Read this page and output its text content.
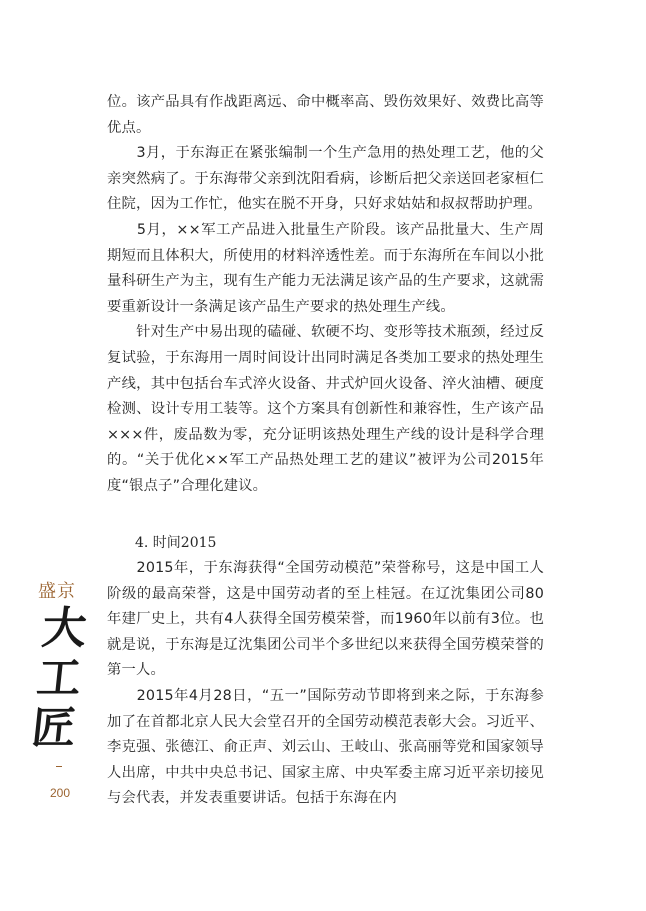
位。该产品具有作战距离远、命中概率高、毁伤效果好、效费比高等优点。

　　3月，于东海正在紧张编制一个生产急用的热处理工艺，他的父亲突然病了。于东海带父亲到沈阳看病，诊断后把父亲送回老家桓仁住院，因为工作忙，他实在脱不开身，只好求姑姑和叔叔帮助护理。

　　5月，××军工产品进入批量生产阶段。该产品批量大、生产周期短而且体积大，所使用的材料淬透性差。而于东海所在车间以小批量科研生产为主，现有生产能力无法满足该产品的生产要求，这就需要重新设计一条满足该产品生产要求的热处理生产线。

　　针对生产中易出现的磕碰、软硬不均、变形等技术瓶颈，经过反复试验，于东海用一周时间设计出同时满足各类加工要求的热处理生产线，其中包括台车式淬火设备、井式炉回火设备、淬火油槽、硬度检测、设计专用工装等。这个方案具有创新性和兼容性，生产该产品×××件，废品数为零，充分证明该热处理生产线的设计是科学合理的。“关于优化××军工产品热处理工艺的建议”被评为公司2015年度“银点子”合理化建议。

4. 时间2015

　　2015年，于东海获得“全国劳动模范”荣誉称号，这是中国工人阶级的最高荣誉，这是中国劳动者的至上桂冠。在辽沈集团公司80年建厂史上，共有4人获得全国劳模荣誉，而1960年以前有3位。也就是说，于东海是辽沈集团公司半个多世纪以来获得全国劳模荣誉的第一人。

　　2015年4月28日，“五一”国际劳动节即将到来之际，于东海参加了在首都北京人民大会堂召开的全国劳动模范表彰大会。习近平、李克强、张德江、俞正声、刘云山、王岐山、张高丽等党和国家领导人出席，中共中央总书记、国家主席、中央军委主席习近平亲切接见与会代表，并发表重要讲话。包括于东海在内

盛京
大工匠
200
